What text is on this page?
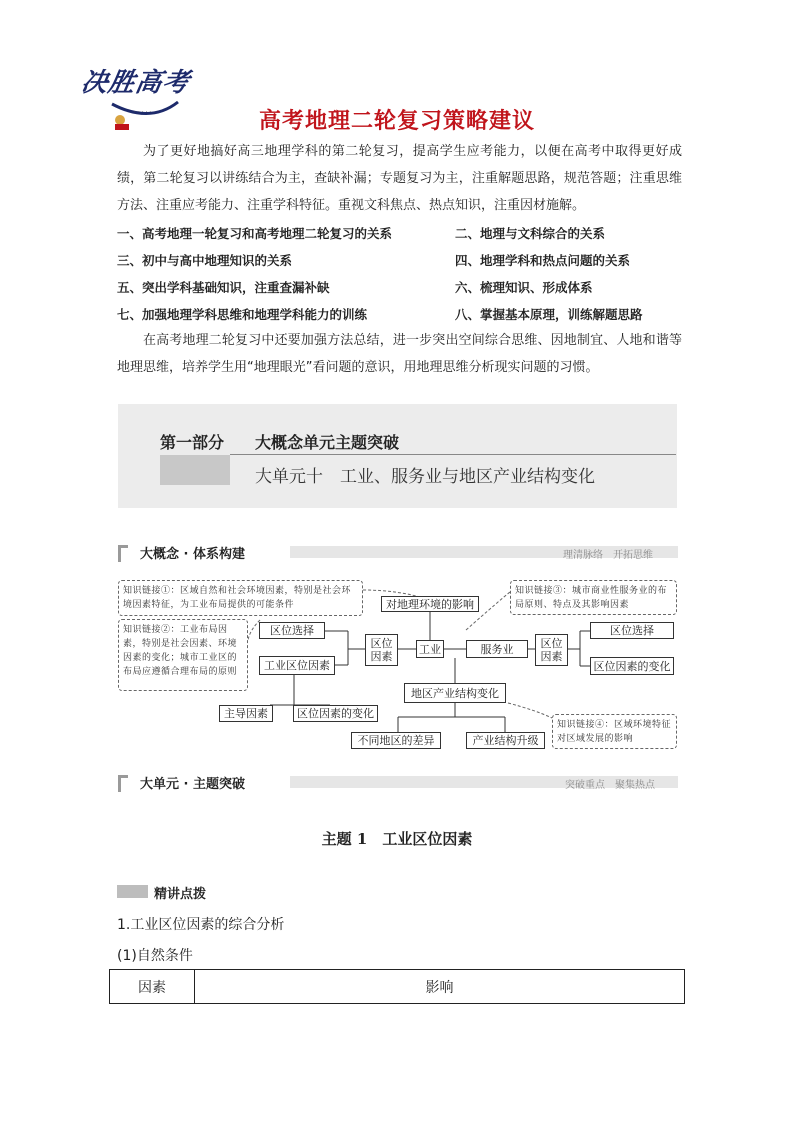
决胜高考
· · · · ·	高考地理二轮复习策略建议
为了更好地搞好高三地理学科的第二轮复习，提高学生应考能力，以便在高考中取得更好成绩，第二轮复习以讲练结合为主，查缺补漏；专题复习为主，注重解题思路，规范答题；注重思维方法、注重应考能力、注重学科特征。重视文科焦点、热点知识，注重因材施解。
一、高考地理一轮复习和高考地理二轮复习的关系	二、地理与文科综合的关系
三、初中与高中地理知识的关系	四、地理学科和热点问题的关系
五、突出学科基础知识，注重查漏补缺	六、梳理知识、形成体系
七、加强地理学科思维和地理学科能力的训练	八、掌握基本原理，训练解题思路
在高考地理二轮复习中还要加强方法总结，进一步突出空间综合思维、因地制宜、人地和谐等地理思维，培养学生用“地理眼光”看问题的意识，用地理思维分析现实问题的习惯。
第一部分 大概念单元主题突破
大单元十　工业、服务业与地区产业结构变化
大概念 · 体系构建	理清脉络　开拓思维
对地理环境的影响
工业	服务业
区位因素
区位因素
区位选择
工业区位因素
区位选择
区位因素的变化
主导因素	区位因素的变化
地区产业结构变化
不同地区的差异	产业结构升级
知识链接①：区域自然和社会环境因素，特别是社会环境因素特征，为工业布局提供的可能条件
知识链接②：工业布局因素，特别是社会因素、环境因素的变化；城市工业区的布局应遵循合理布局的原则
知识链接③：城市商业性服务业的布局原则、特点及其影响因素
知识链接④：区域环境特征对区域发展的影响
大单元 · 主题突破	突破重点　聚集热点
主题 1　工业区位因素
精讲点拨
1.工业区位因素的综合分析
(1)自然条件
因素	影响
